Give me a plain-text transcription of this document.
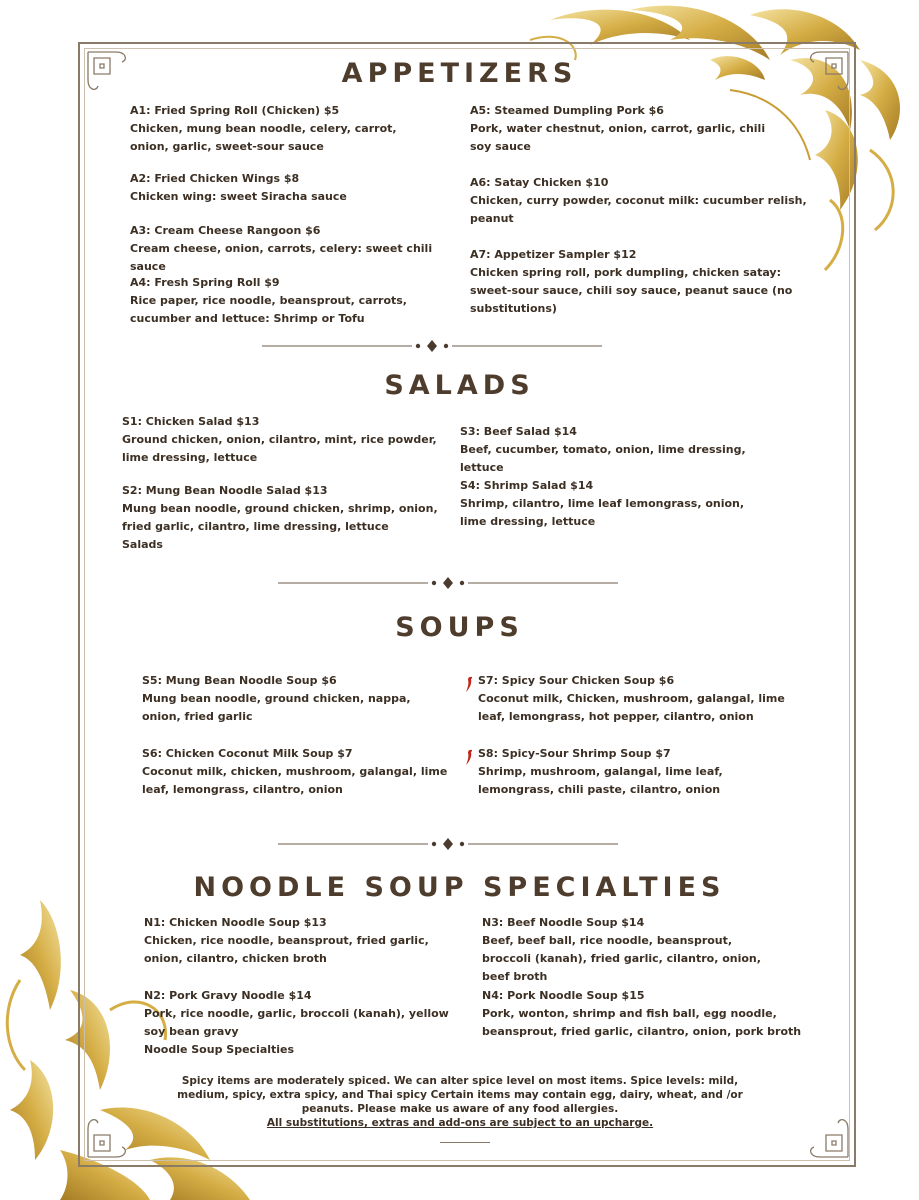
APPETIZERS
A1: Fried Spring Roll (Chicken) $5
Chicken, mung bean noodle, celery, carrot, onion, garlic, sweet-sour sauce
A2: Fried Chicken Wings $8
Chicken wing: sweet Siracha sauce
A3: Cream Cheese Rangoon $6
Cream cheese, onion, carrots, celery: sweet chili sauce
A4: Fresh Spring Roll $9
Rice paper, rice noodle, beansprout, carrots, cucumber and lettuce: Shrimp or Tofu
A5: Steamed Dumpling Pork $6
Pork, water chestnut, onion, carrot, garlic, chili soy sauce
A6: Satay Chicken $10
Chicken, curry powder, coconut milk: cucumber relish, peanut
A7: Appetizer Sampler $12
Chicken spring roll, pork dumpling, chicken satay: sweet-sour sauce, chili soy sauce, peanut sauce (no substitutions)
SALADS
S1: Chicken Salad $13
Ground chicken, onion, cilantro, mint, rice powder, lime dressing, lettuce
S2: Mung Bean Noodle Salad $13
Mung bean noodle, ground chicken, shrimp, onion, fried garlic, cilantro, lime dressing, lettuce
Salads
S3: Beef Salad $14
Beef, cucumber, tomato, onion, lime dressing, lettuce
S4: Shrimp Salad $14
Shrimp, cilantro, lime leaf lemongrass, onion, lime dressing, lettuce
SOUPS
S5: Mung Bean Noodle Soup $6
Mung bean noodle, ground chicken, nappa, onion, fried garlic
S6: Chicken Coconut Milk Soup $7
Coconut milk, chicken, mushroom, galangal, lime leaf, lemongrass, cilantro, onion
S7: Spicy Sour Chicken Soup $6
Coconut milk, Chicken, mushroom, galangal, lime leaf, lemongrass, hot pepper, cilantro, onion
S8: Spicy-Sour Shrimp Soup $7
Shrimp, mushroom, galangal, lime leaf, lemongrass, chili paste, cilantro, onion
NOODLE SOUP SPECIALTIES
N1: Chicken Noodle Soup $13
Chicken, rice noodle, beansprout, fried garlic, onion, cilantro, chicken broth
N2: Pork Gravy Noodle $14
Pork, rice noodle, garlic, broccoli (kanah), yellow soy bean gravy
Noodle Soup Specialties
N3: Beef Noodle Soup $14
Beef, beef ball, rice noodle, beansprout, broccoli (kanah), fried garlic, cilantro, onion, beef broth
N4: Pork Noodle Soup $15
Pork, wonton, shrimp and fish ball, egg noodle, beansprout, fried garlic, cilantro, onion, pork broth
Spicy items are moderately spiced. We can alter spice level on most items. Spice levels: mild, medium, spicy, extra spicy, and Thai spicy Certain items may contain egg, dairy, wheat, and /or peanuts. Please make us aware of any food allergies.
All substitutions, extras and add-ons are subject to an upcharge.
